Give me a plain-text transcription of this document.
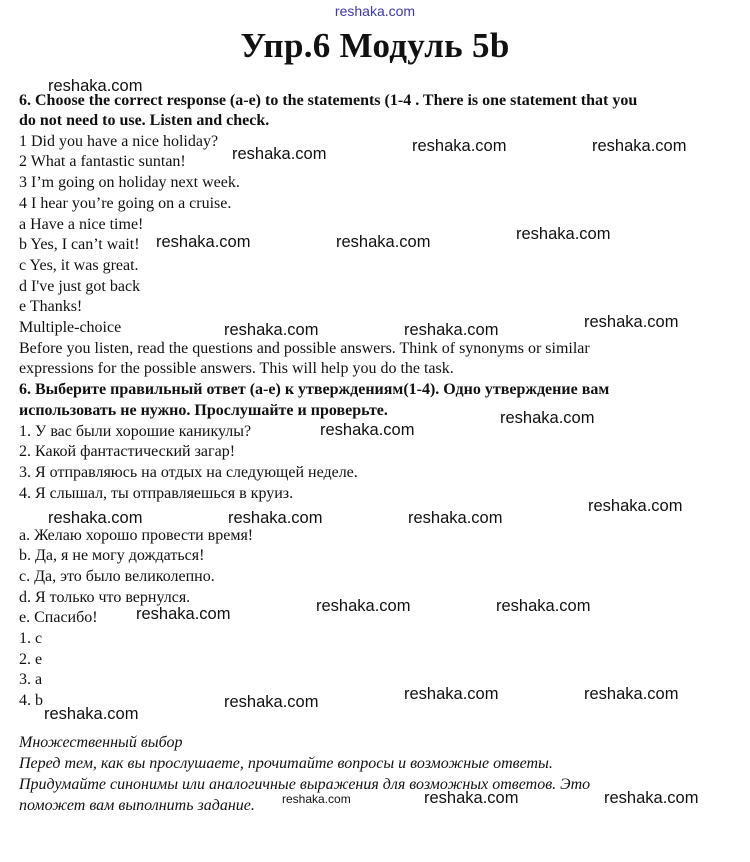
reshaka.com
Упр.6 Модуль 5b
6. Choose the correct response (a-e) to the statements (1-4 . There is one statement that you
do not need to use. Listen and check.
1 Did you have a nice holiday?
2 What a fantastic suntan!
3 I’m going on holiday next week.
4 I hear you’re going on a cruise.
a Have a nice time!
b Yes, I can’t wait!
c Yes, it was great.
d I've just got back
e Thanks!
Multiple-choice
Before you listen, read the questions and possible answers. Think of synonyms or similar
expressions for the possible answers. This will help you do the task.
6. Выберите правильный ответ (а-е) к утверждениям(1-4). Одно утверждение вам
использовать не нужно. Прослушайте и проверьте.
1. У вас были хорошие каникулы?
2. Какой фантастический загар!
3. Я отправляюсь на отдых на следующей неделе.
4. Я слышал, ты отправляешься в круиз.
a. Желаю хорошо провести время!
b. Да, я не могу дождаться!
c. Да, это было великолепно.
d. Я только что вернулся.
e. Спасибо!
1. c
2. e
3. a
4. b
Множественный выбор
Перед тем, как вы прослушаете, прочитайте вопросы и возможные ответы.
Придумайте синонимы или аналогичные выражения для возможных ответов. Это
поможет вам выполнить задание.
reshaka.com
reshaka.com	reshaka.com	reshaka.com
reshaka.com	reshaka.com	reshaka.com
reshaka.com	reshaka.com	reshaka.com
reshaka.com
reshaka.com
reshaka.com	reshaka.com	reshaka.com
reshaka.com
reshaka.com	reshaka.com	reshaka.com
reshaka.com	reshaka.com	reshaka.com
reshaka.com
reshaka.com	reshaka.com	reshaka.com
